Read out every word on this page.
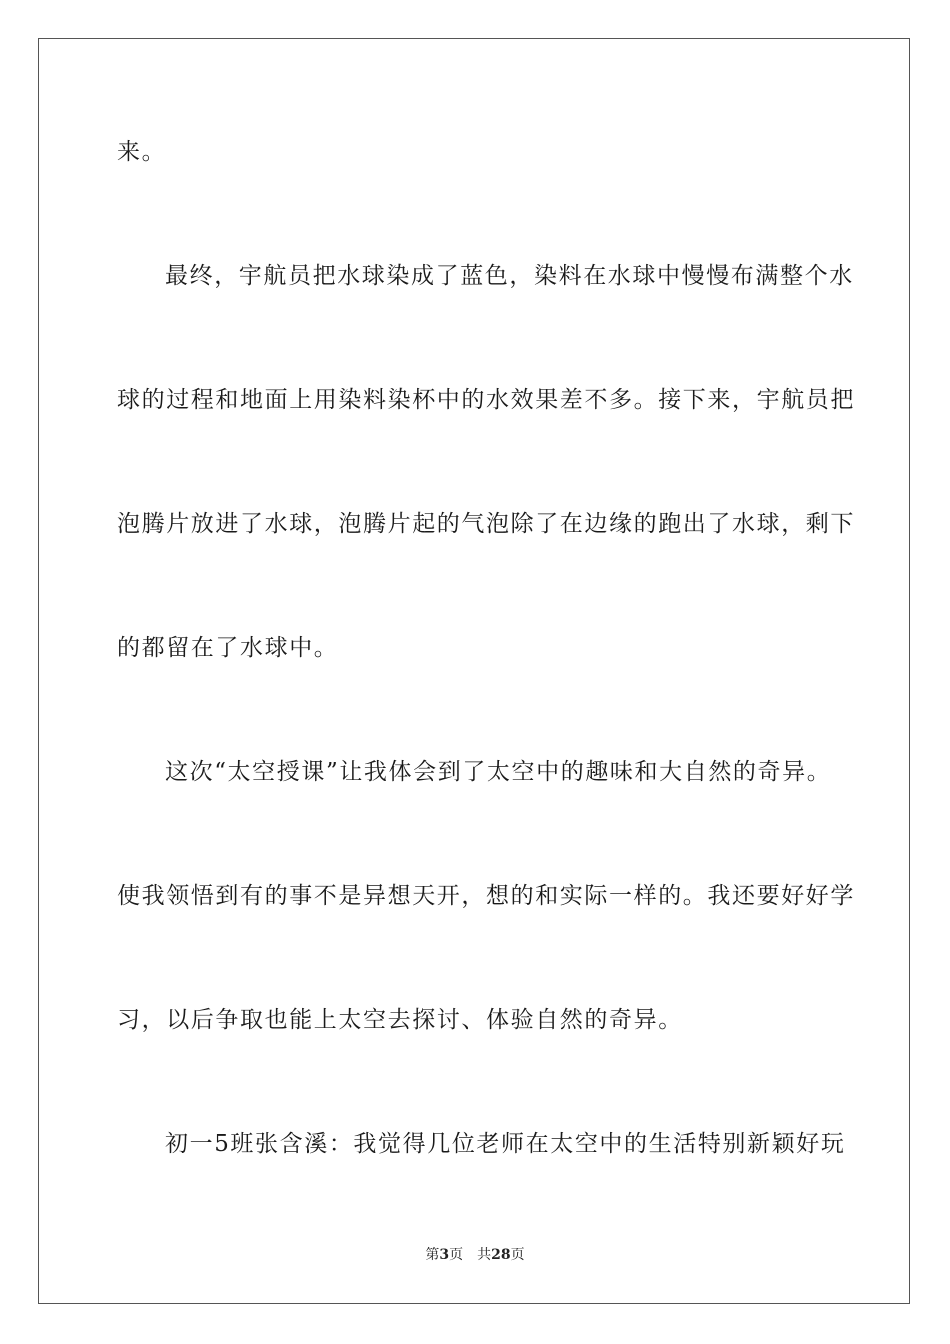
来。
最终，宇航员把水球染成了蓝色，染料在水球中慢慢布满整个水
球的过程和地面上用染料染杯中的水效果差不多。接下来，宇航员把
泡腾片放进了水球，泡腾片起的气泡除了在边缘的跑出了水球，剩下
的都留在了水球中。
这次“太空授课”让我体会到了太空中的趣味和大自然的奇异。
使我领悟到有的事不是异想天开，想的和实际一样的。我还要好好学
习，以后争取也能上太空去探讨、体验自然的奇异。
初一5班张含溪：我觉得几位老师在太空中的生活特别新颖好玩
第3页 共28页
